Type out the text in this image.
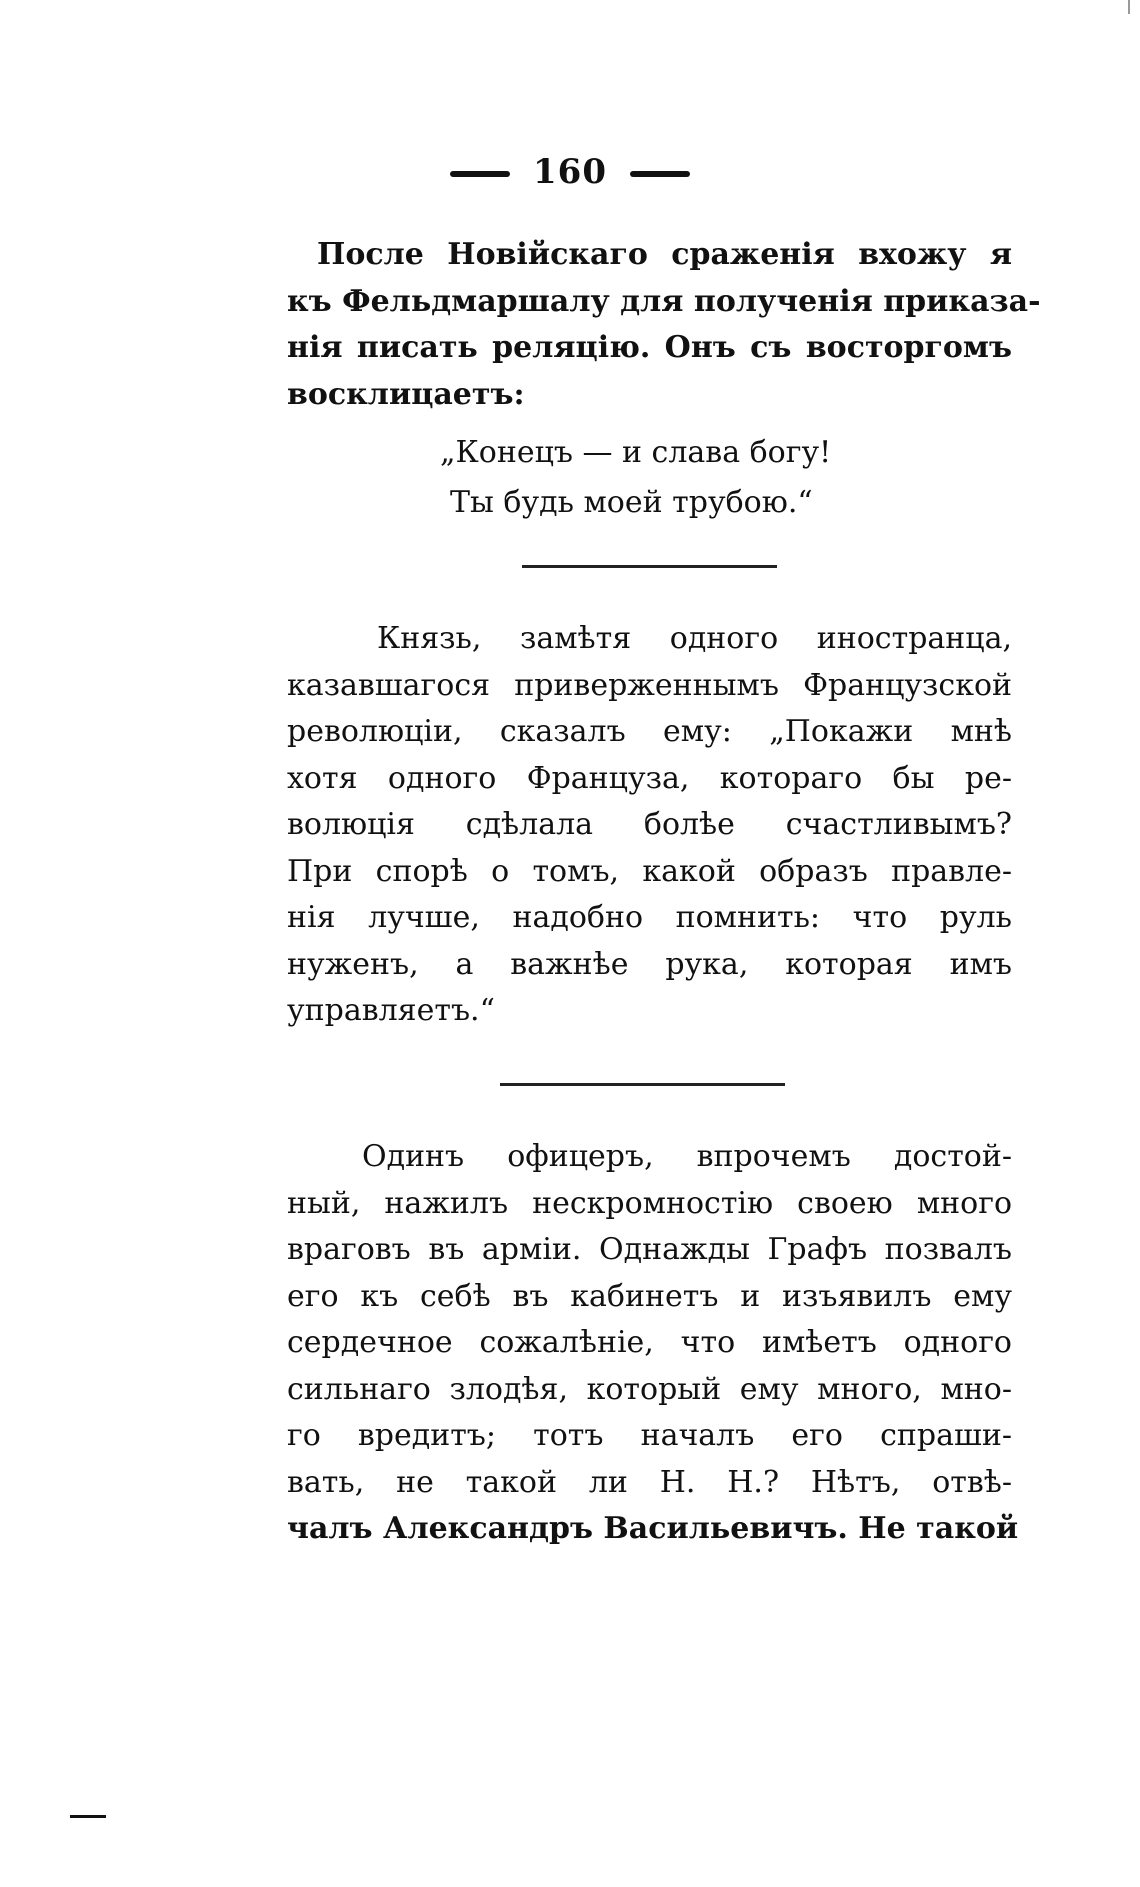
160
После Новійскаго сраженія вхожу я
къ Фельдмаршалу для полученія приказа-
нія писать реляцію. Онъ съ восторгомъ
восклицаетъ:
„Конецъ — и слава богу!
Ты будь моей трубою.“
Князь, замѣтя одного иностранца,
казавшагося приверженнымъ Французской
революціи, сказалъ ему: „Покажи мнѣ
хотя одного Француза, котораго бы ре-
волюція сдѣлала болѣе счастливымъ?
При спорѣ о томъ, какой образъ правле-
нія лучше, надобно помнить: что руль
нуженъ, а важнѣе рука, которая имъ
управляетъ.“
Одинъ офицеръ, впрочемъ достой-
ный, нажилъ нескромностію своею много
враговъ въ арміи. Однажды Графъ позвалъ
его къ себѣ въ кабинетъ и изъявилъ ему
сердечное сожалѣніе, что имѣетъ одного
сильнаго злодѣя, который ему много, мно-
го вредитъ; тотъ началъ его спраши-
вать, не такой ли Н. Н.? Нѣтъ, отвѣ-
чалъ Александръ Васильевичъ. Не такой
